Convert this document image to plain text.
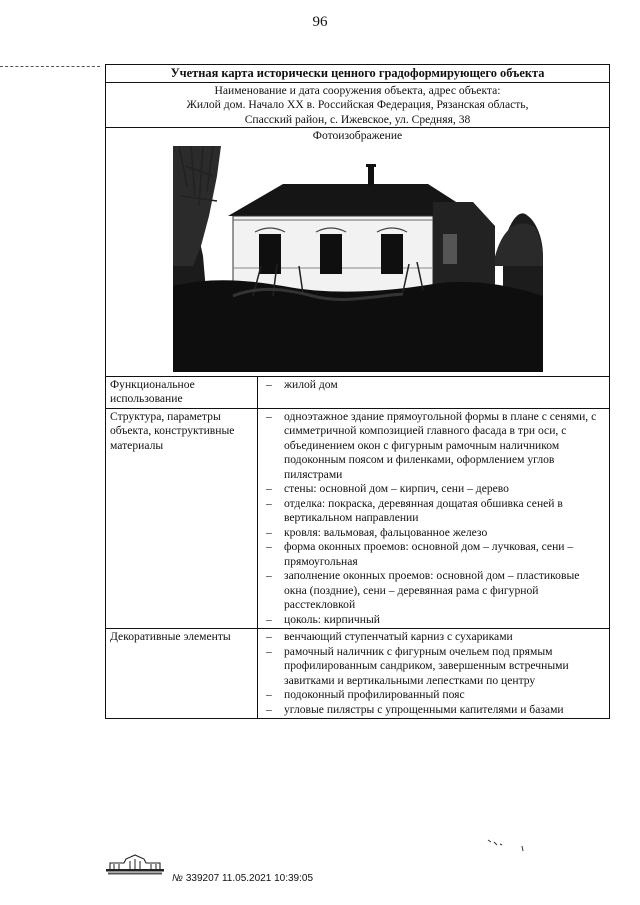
96
Учетная карта исторически ценного градоформирующего объекта
Наименование и дата сооружения объекта, адрес объекта:
Жилой дом. Начало XX в. Российская Федерация, Рязанская область,
Спасский район, с. Ижевское, ул. Средняя, 38
Фотоизображение
Функциональное использование
– жилой дом
Структура, параметры объекта, конструктивные материалы
– одноэтажное здание прямоугольной формы в плане с сенями, с симметричной композицией главного фасада в три оси, с объединением окон с фигурным рамочным наличником подоконным поясом и филенками, оформлением углов пилястрами
– стены: основной дом – кирпич, сени – дерево
– отделка: покраска, деревянная дощатая обшивка сеней в вертикальном направлении
– кровля: вальмовая, фальцованное железо
– форма оконных проемов: основной дом – лучковая, сени – прямоугольная
– заполнение оконных проемов: основной дом – пластиковые окна (поздние), сени – деревянная рама с фигурной расстекловкой
– цоколь: кирпичный
Декоративные элементы
–	венчающий ступенчатый карниз с сухариками
– рамочный наличник с фигурным очельем под прямым профилированным сандриком, завершенным встречными завитками и вертикальными лепестками по центру
– подоконный профилированный пояс
– угловые пилястры с упрощенными капителями и базами
№ 339207 11.05.2021 10:39:05
